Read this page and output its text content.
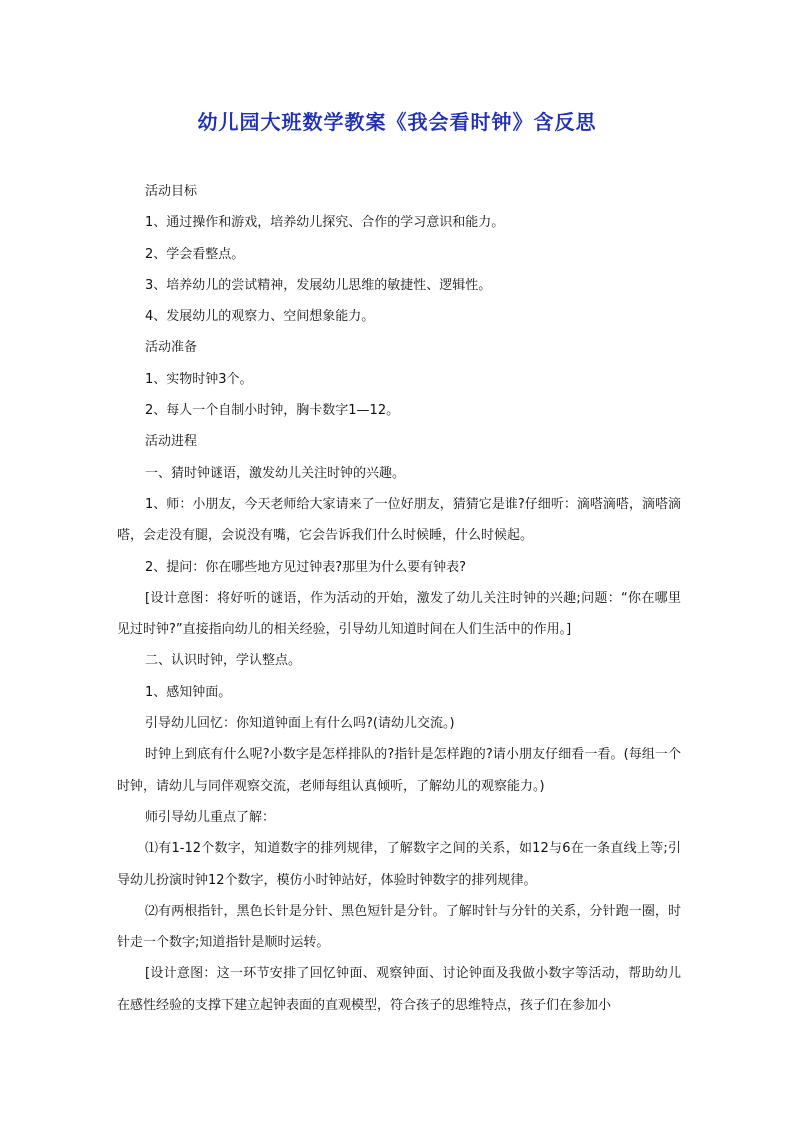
幼儿园大班数学教案《我会看时钟》含反思

活动目标

1、通过操作和游戏，培养幼儿探究、合作的学习意识和能力。

2、学会看整点。

3、培养幼儿的尝试精神，发展幼儿思维的敏捷性、逻辑性。

4、发展幼儿的观察力、空间想象能力。

活动准备

1、实物时钟3个。

2、每人一个自制小时钟，胸卡数字1—12。

活动进程

一、猜时钟谜语，激发幼儿关注时钟的兴趣。

1、师：小朋友，今天老师给大家请来了一位好朋友，猜猜它是谁?仔细听：滴嗒滴嗒，滴嗒滴嗒，会走没有腿，会说没有嘴，它会告诉我们什么时候睡，什么时候起。

2、提问：你在哪些地方见过钟表?那里为什么要有钟表?

[设计意图：将好听的谜语，作为活动的开始，激发了幼儿关注时钟的兴趣;问题：“你在哪里见过时钟?”直接指向幼儿的相关经验，引导幼儿知道时间在人们生活中的作用。]

二、认识时钟，学认整点。

1、感知钟面。

引导幼儿回忆：你知道钟面上有什么吗?(请幼儿交流。)

时钟上到底有什么呢?小数字是怎样排队的?指针是怎样跑的?请小朋友仔细看一看。(每组一个时钟，请幼儿与同伴观察交流，老师每组认真倾听，了解幼儿的观察能力。)

师引导幼儿重点了解：

⑴有1-12个数字，知道数字的排列规律，了解数字之间的关系，如12与6在一条直线上等;引导幼儿扮演时钟12个数字，模仿小时钟站好，体验时钟数字的排列规律。

⑵有两根指针，黑色长针是分针、黑色短针是分针。了解时针与分针的关系，分针跑一圈，时针走一个数字;知道指针是顺时运转。

[设计意图：这一环节安排了回忆钟面、观察钟面、讨论钟面及我做小数字等活动，帮助幼儿在感性经验的支撑下建立起钟表面的直观模型，符合孩子的思维特点，孩子们在参加小
